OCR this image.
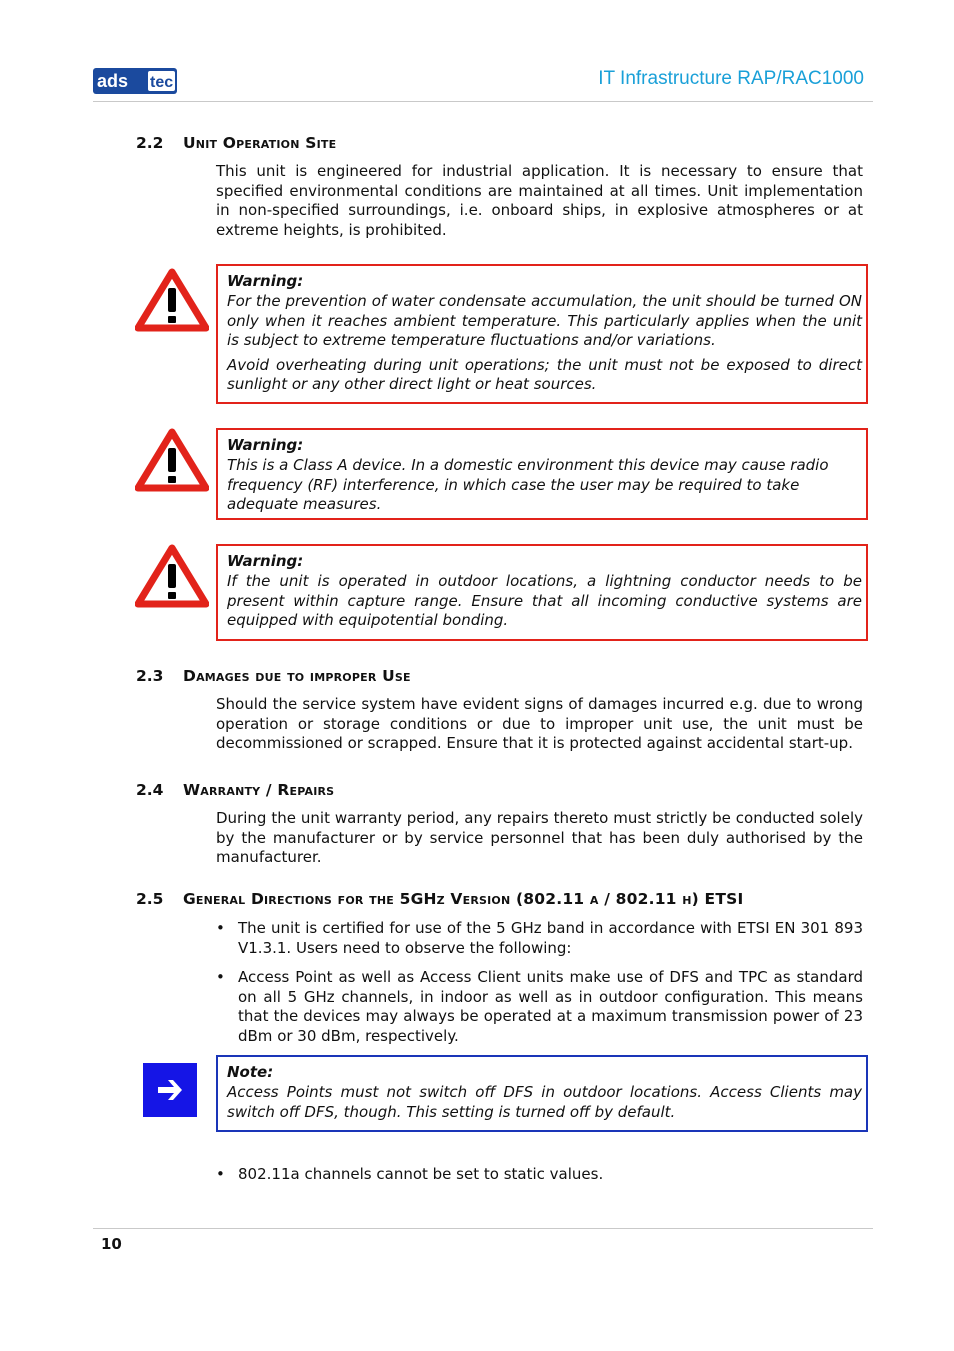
ads tec	IT Infrastructure RAP/RAC1000
2.2 Unit Operation Site
This unit is engineered for industrial application. It is necessary to ensure that specified environmental conditions are maintained at all times. Unit implementation in non-specified surroundings, i.e. onboard ships, in explosive atmospheres or at extreme heights, is prohibited.
Warning:
For the prevention of water condensate accumulation, the unit should be turned ON only when it reaches ambient temperature. This particularly applies when the unit is subject to extreme temperature fluctuations and/or variations.
Avoid overheating during unit operations; the unit must not be exposed to direct sunlight or any other direct light or heat sources.
Warning:
This is a Class A device. In a domestic environment this device may cause radio frequency (RF) interference, in which case the user may be required to take adequate measures.
Warning:
If the unit is operated in outdoor locations, a lightning conductor needs to be present within capture range. Ensure that all incoming conductive systems are equipped with equipotential bonding.
2.3 Damages due to improper Use
Should the service system have evident signs of damages incurred e.g. due to wrong operation or storage conditions or due to improper unit use, the unit must be decommissioned or scrapped. Ensure that it is protected against accidental start-up.
2.4 Warranty / Repairs
During the unit warranty period, any repairs thereto must strictly be conducted solely by the manufacturer or by service personnel that has been duly authorised by the manufacturer.
2.5 General Directions for the 5GHz Version (802.11 a / 802.11 h) ETSI
• The unit is certified for use of the 5 GHz band in accordance with ETSI EN 301 893 V1.3.1. Users need to observe the following:
• Access Point as well as Access Client units make use of DFS and TPC as standard on all 5 GHz channels, in indoor as well as in outdoor configuration. This means that the devices may always be operated at a maximum transmission power of 23 dBm or 30 dBm, respectively.
Note:
Access Points must not switch off DFS in outdoor locations. Access Clients may switch off DFS, though. This setting is turned off by default.
• 802.11a channels cannot be set to static values.
10
